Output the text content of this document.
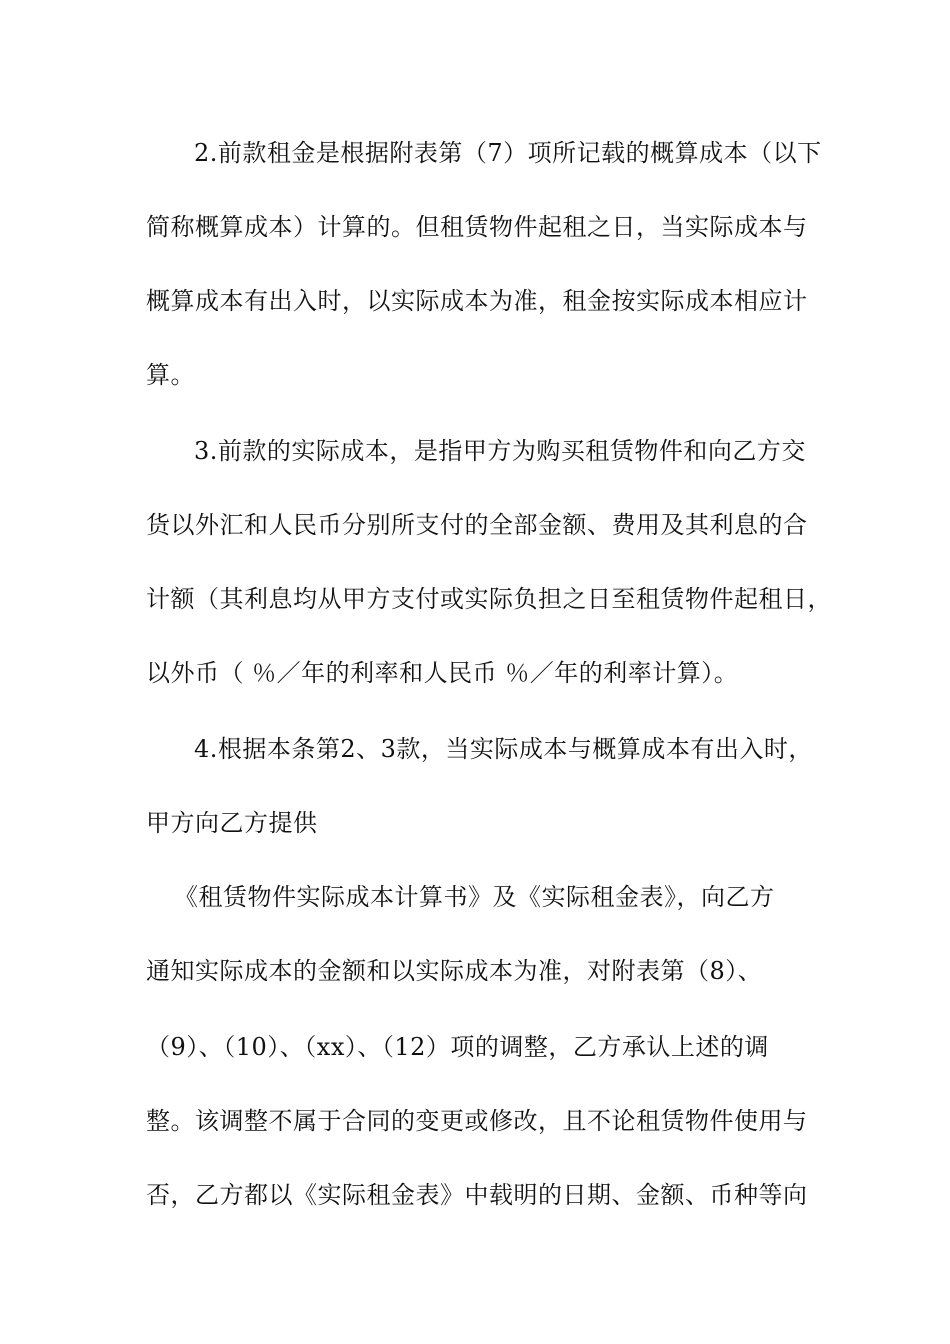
2.前款租金是根据附表第（7）项所记载的概算成本（以下
简称概算成本）计算的。但租赁物件起租之日，当实际成本与
概算成本有出入时，以实际成本为准，租金按实际成本相应计
算。
3.前款的实际成本，是指甲方为购买租赁物件和向乙方交
货以外汇和人民币分别所支付的全部金额、费用及其利息的合
计额（其利息均从甲方支付或实际负担之日至租赁物件起租日，
以外币（ ％／年的利率和人民币 ％／年的利率计算）。
4.根据本条第2、3款，当实际成本与概算成本有出入时，
甲方向乙方提供
《租赁物件实际成本计算书》及《实际租金表》，向乙方
通知实际成本的金额和以实际成本为准，对附表第（8）、
（9）、（10）、（xx）、（12）项的调整，乙方承认上述的调
整。该调整不属于合同的变更或修改，且不论租赁物件使用与
否，乙方都以《实际租金表》中载明的日期、金额、币种等向
